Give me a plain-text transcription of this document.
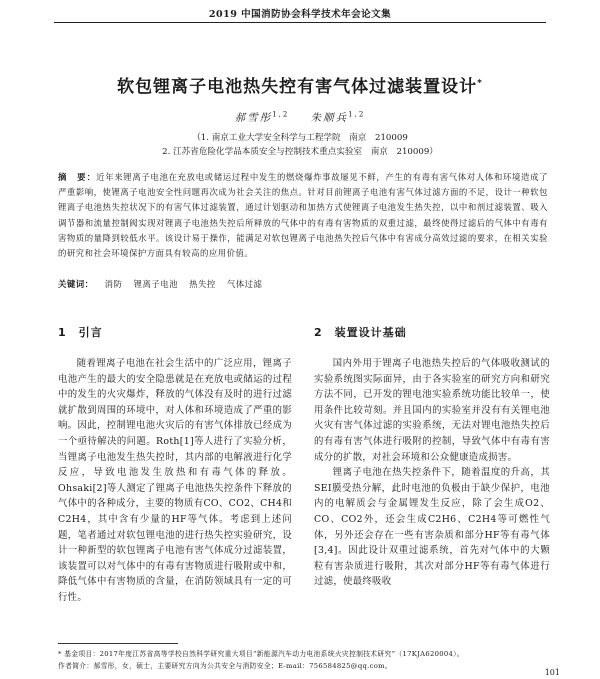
2019 中国消防协会科学技术年会论文集
软包锂离子电池热失控有害气体过滤装置设计*
郝雪彤$^{1,2}$ 朱顺兵$^{1,2}$
（1. 南京工业大学安全科学与工程学院　南京　210009
2. 江苏省危险化学品本质安全与控制技术重点实验室　南京　210009）
摘　要：近年来锂离子电池在充放电或储运过程中发生的燃烧爆炸事故屡见不鲜，产生的有毒有害气体对人体和环境造成了严重影响，使锂离子电池安全性问题再次成为社会关注的焦点。针对目前锂离子电池有害气体过滤方面的不足，设计一种软包锂离子电池热失控状况下的有害气体过滤装置，通过计划驱动和加热方式使锂离子电池发生热失控，以中和剂过滤装置、吸入调节器和流量控制阀实现对锂离子电池热失控后所释放的气体中的有毒有害物质的双重过滤，最终使得过滤后的气体中有毒有害物质的量降到较低水平。该设计易于操作，能满足对软包锂离子电池热失控后气体中有害成分高效过滤的要求，在相关实验的研究和社会环境保护方面具有较高的应用价值。
关键词： 消防 锂离子电池 热失控 气体过滤
1 引言	2 装置设计基础

随着锂离子电池在社会生活中的广泛应用，锂离子电池产生的最大的安全隐患就是在充放电或储运的过程中的发生的火灾爆炸，释放的气体没有及时的进行过滤就扩散到周围的环境中，对人体和环境造成了严重的影响。因此，控制锂电池火灾后的有害气体排放已经成为一个亟待解决的问题。Roth[1]等人进行了实验分析，当锂离子电池发生热失控时，其内部的电解液进行化学反应，导致电池发生放热和有毒气体的释放。Ohsaki[2]等人测定了锂离子电池热失控条件下释放的气体中的各种成分，主要的物质有CO、CO2、CH4和C2H4，其中含有少量的HF等气体。考虑到上述问题，笔者通过对软包锂电池的进行热失控实验研究，设计一种新型的软包锂离子电池有害气体成分过滤装置，该装置可以对气体中的有毒有害物质进行吸附或中和，降低气体中有害物质的含量，在消防领域具有一定的可行性。

国内外用于锂离子电池热失控后的气体吸收测试的实验系统图实际面异，由于各实验室的研究方向和研究方法不同，已开发的锂电池实验系统功能比较单一，使用条件比较苛刻。并且国内的实验室并没有有关锂电池火灾有害气体过滤的实验系统，无法对锂电池热失控后的有毒有害气体进行吸附的控制，导致气体中有毒有害成分的扩散，对社会环境和公众健康造成损害。

锂离子电池在热失控条件下，随着温度的升高，其SEI膜受热分解，此时电池的负极由于缺少保护，电池内的电解质会与金属锂发生反应，除了会生成O2、CO、CO2外，还会生成C2H6、C2H4等可燃性气体，另外还会存在一些有害杂质和部分HF等有毒气体[3,4]。因此设计双重过滤系统，首先对气体中的大颗粒有害杂质进行吸附，其次对部分HF等有毒气体进行过滤，使最终吸收

* 基金项目：2017年度江苏省高等学校自然科学研究重大项目“新能源汽车动力电池系统火灾控制技术研究”（17KJA620004）。
作者简介：郝雪彤，女，硕士，主要研究方向为公共安全与消防安全；E-mail：756584825@qq.com。
101
